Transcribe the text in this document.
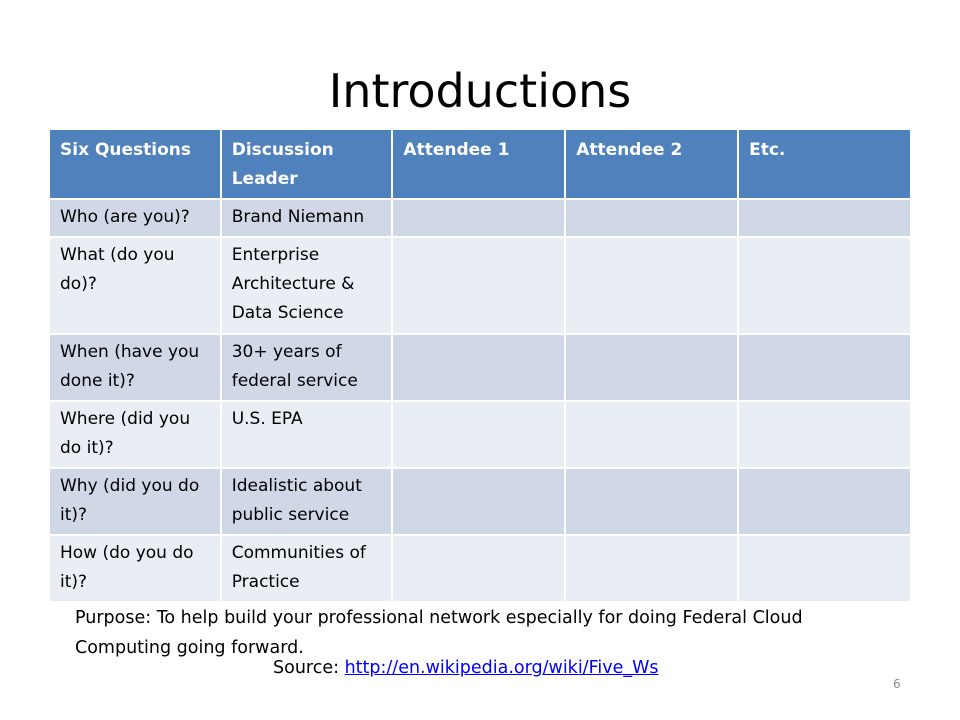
Introductions
Six Questions	Discussion Leader	Attendee 1	Attendee 2	Etc.
Who (are you)?	Brand Niemann			
What (do you do)?	Enterprise Architecture & Data Science			
When (have you done it)?	30+ years of federal service			
Where (did you do it)?	U.S. EPA			
Why (did you do it)?	Idealistic about public service			
How (do you do it)?	Communities of Practice			
Purpose: To help build your professional network especially for doing Federal Cloud Computing going forward.
Source: http://en.wikipedia.org/wiki/Five_Ws
6
